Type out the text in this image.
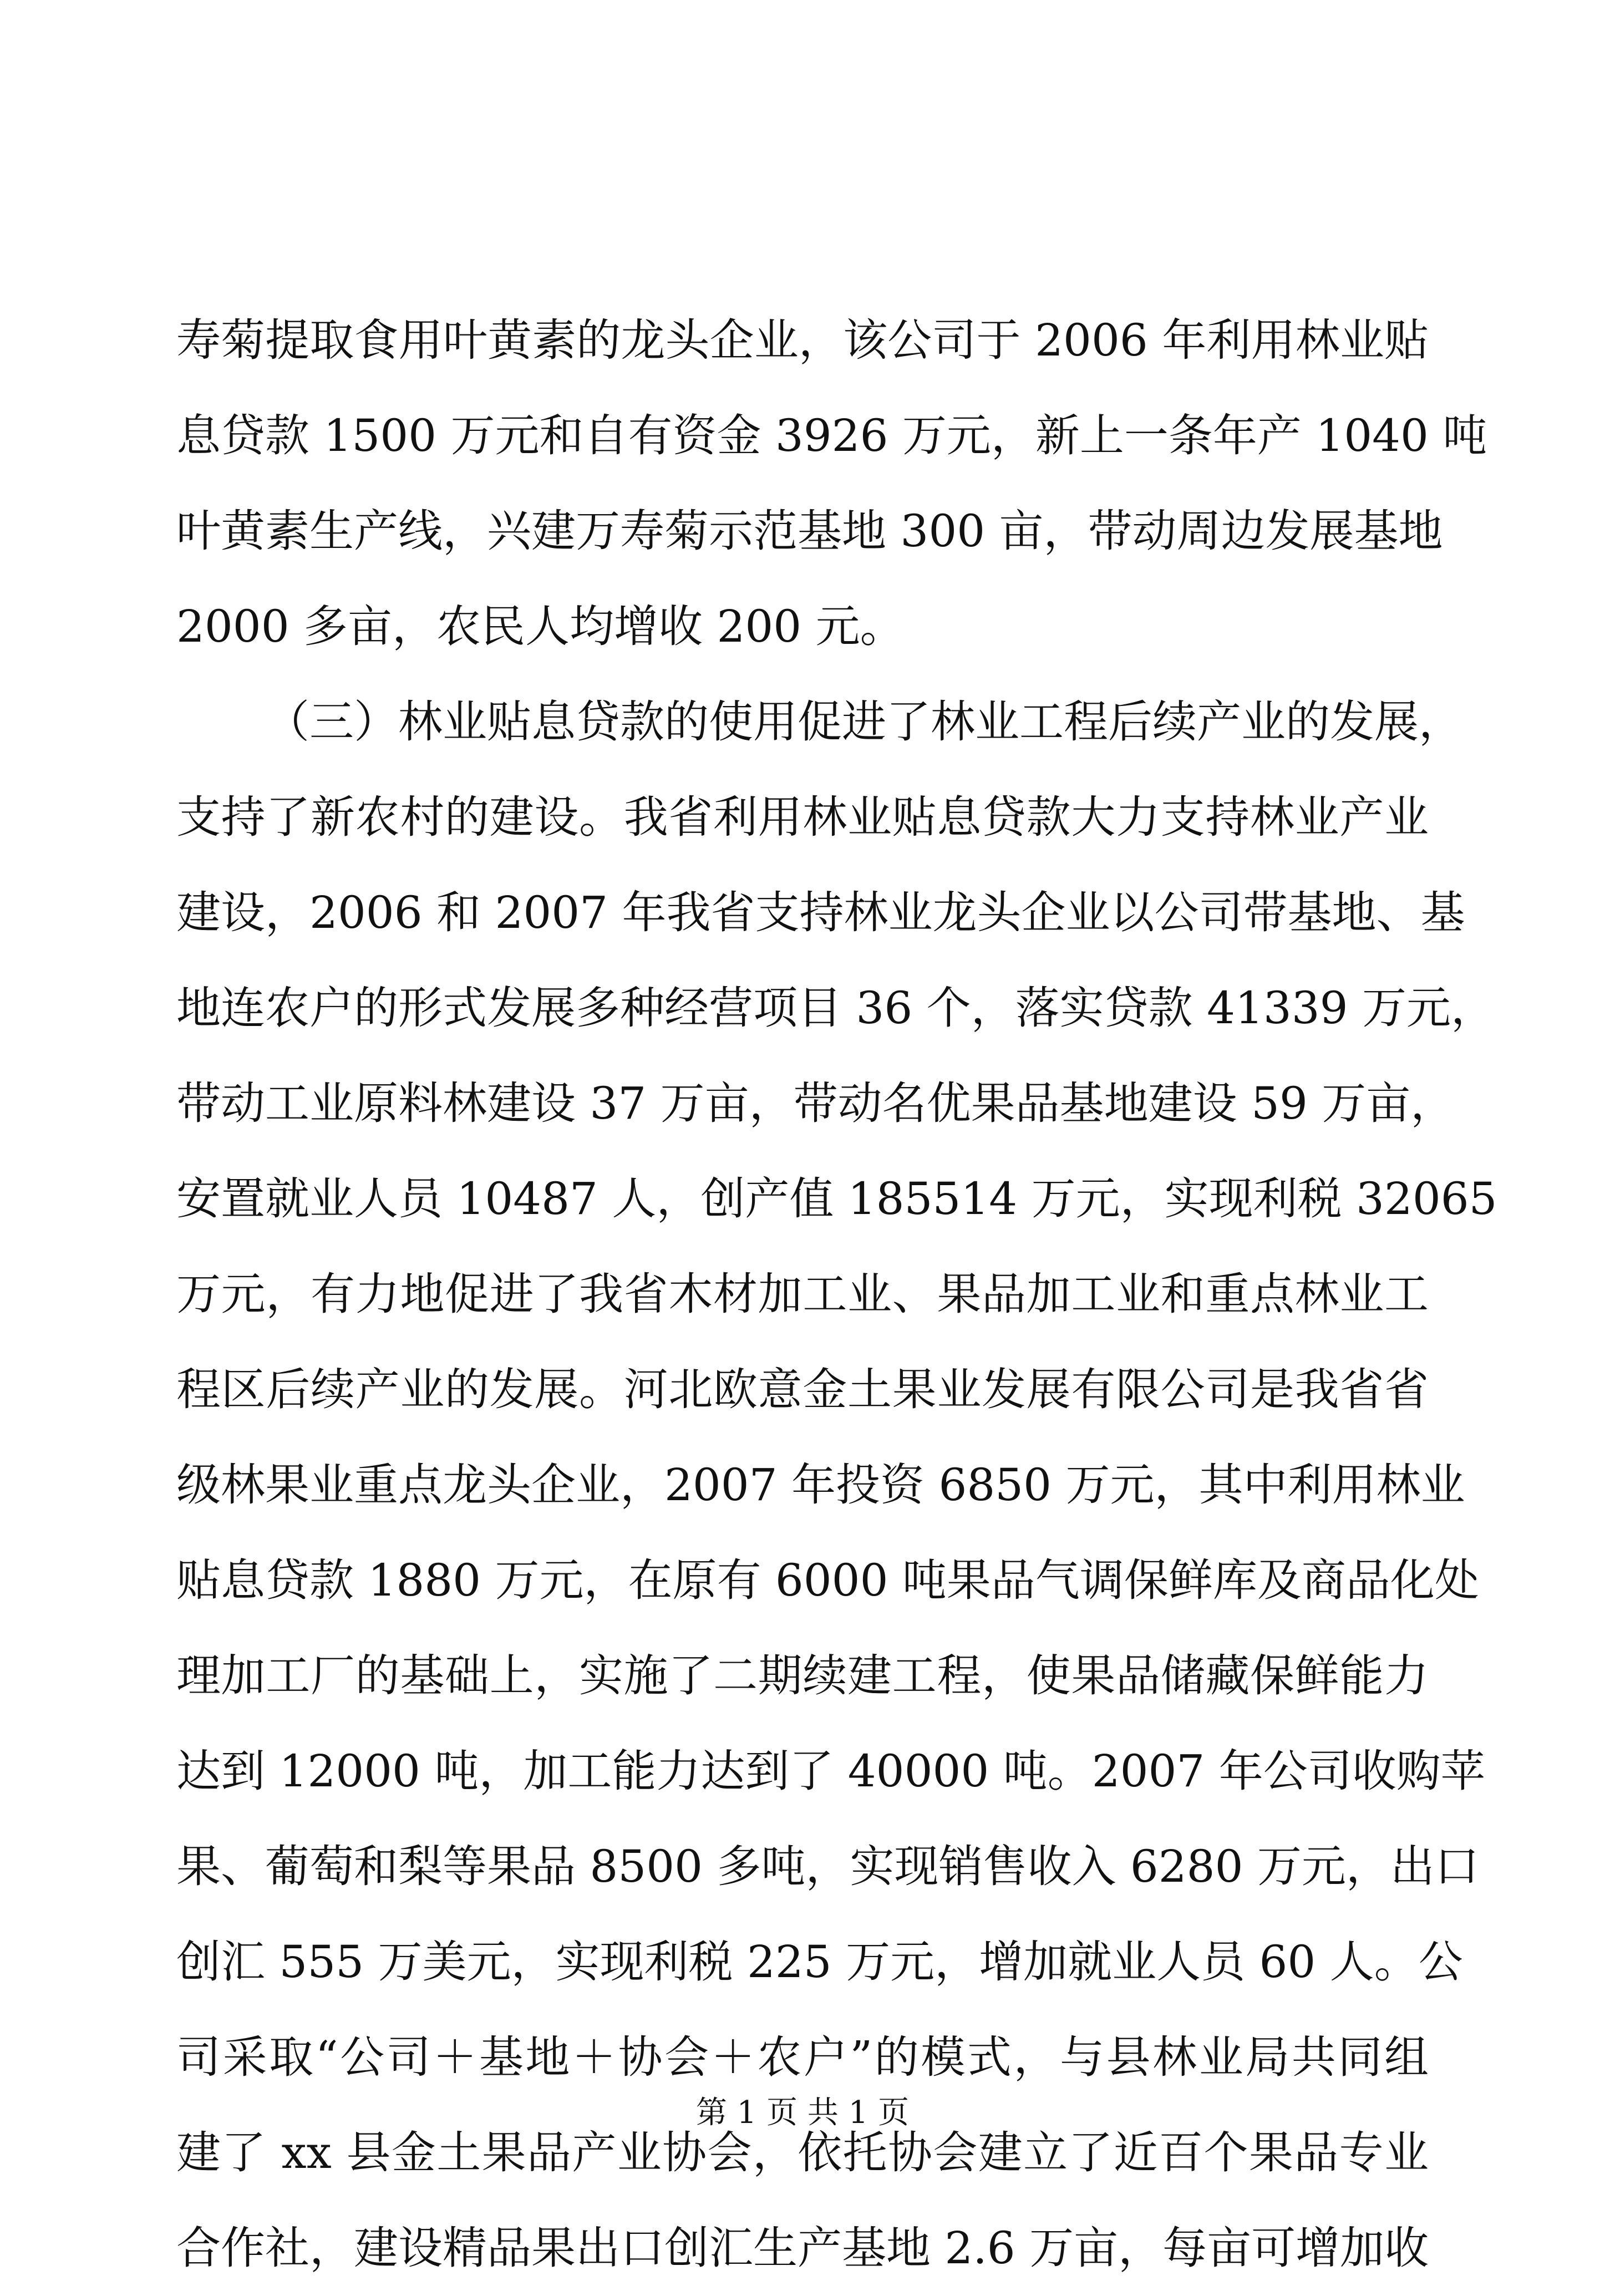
寿菊提取食用叶黄素的龙头企业，该公司于 2006 年利用林业贴
息贷款 1500 万元和自有资金 3926 万元，新上一条年产 1040 吨
叶黄素生产线，兴建万寿菊示范基地 300 亩，带动周边发展基地
2000 多亩，农民人均增收 200 元。
（三）林业贴息贷款的使用促进了林业工程后续产业的发展，
支持了新农村的建设。我省利用林业贴息贷款大力支持林业产业
建设，2006 和 2007 年我省支持林业龙头企业以公司带基地、基
地连农户的形式发展多种经营项目 36 个，落实贷款 41339 万元，
带动工业原料林建设 37 万亩，带动名优果品基地建设 59 万亩，
安置就业人员 10487 人，创产值 185514 万元，实现利税 32065
万元，有力地促进了我省木材加工业、果品加工业和重点林业工
程区后续产业的发展。河北欧意金土果业发展有限公司是我省省
级林果业重点龙头企业，2007 年投资 6850 万元，其中利用林业
贴息贷款 1880 万元，在原有 6000 吨果品气调保鲜库及商品化处
理加工厂的基础上，实施了二期续建工程，使果品储藏保鲜能力
达到 12000 吨，加工能力达到了 40000 吨。2007 年公司收购苹
果、葡萄和梨等果品 8500 多吨，实现销售收入 6280 万元，出口
创汇 555 万美元，实现利税 225 万元，增加就业人员 60 人。公
司采取“公司＋基地＋协会＋农户”的模式，与县林业局共同组
建了 xx 县金土果品产业协会，依托协会建立了近百个果品专业
合作社，建设精品果出口创汇生产基地 2.6 万亩，每亩可增加收
第 1 页 共 1 页
